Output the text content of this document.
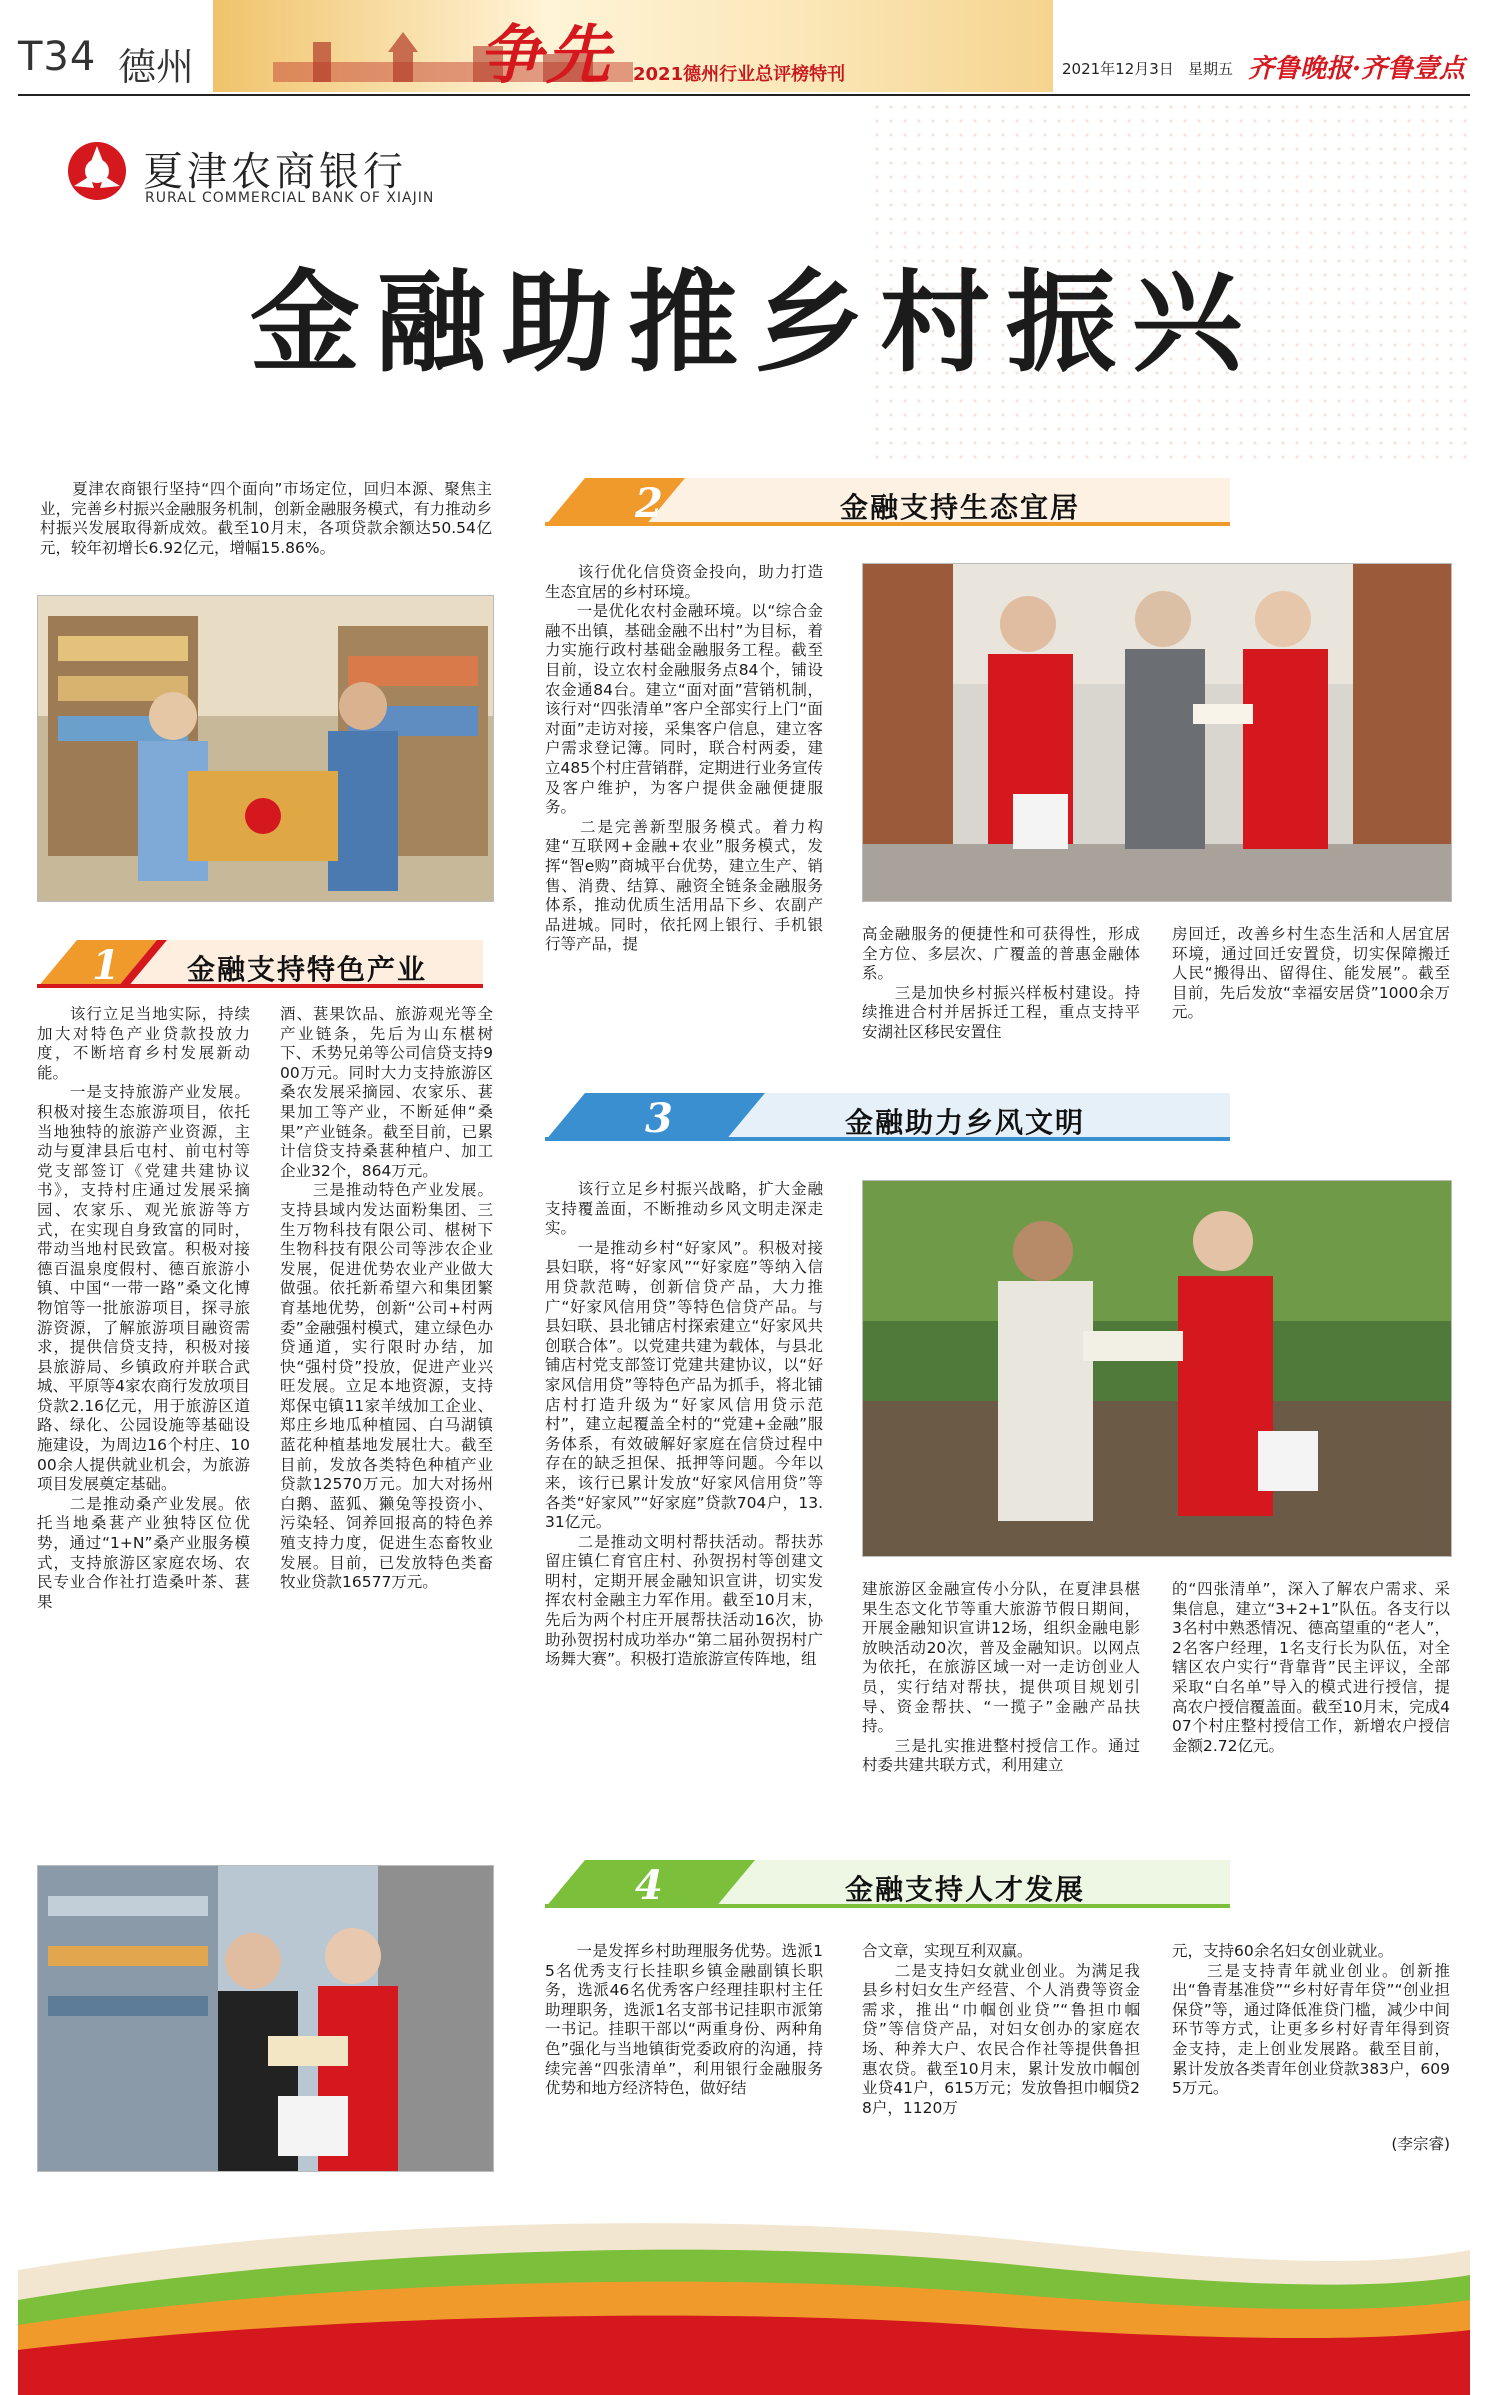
T34 德州	争先 2021德州行业总评榜特刊	2021年12月3日 星期五 齐鲁晚报·齐鲁壹点
夏津农商银行
RURAL COMMERCIAL BANK OF XIAJIN
金融助推乡村振兴
　　夏津农商银行坚持“四个面向”市场定位，回归本源、聚焦主业，完善乡村振兴金融服务机制，创新金融服务模式，有力推动乡村振兴发展取得新成效。截至10月末，各项贷款余额达50.54亿元，较年初增长6.92亿元，增幅15.86%。
1 金融支持特色产业
　　该行立足当地实际，持续加大对特色产业贷款投放力度，不断培育乡村发展新动能。
　　一是支持旅游产业发展。积极对接生态旅游项目，依托当地独特的旅游产业资源，主动与夏津县后屯村、前屯村等党支部签订《党建共建协议书》，支持村庄通过发展采摘园、农家乐、观光旅游等方式，在实现自身致富的同时，带动当地村民致富。积极对接德百温泉度假村、德百旅游小镇、中国“一带一路”桑文化博物馆等一批旅游项目，探寻旅游资源，了解旅游项目融资需求，提供信贷支持，积极对接县旅游局、乡镇政府并联合武城、平原等4家农商行发放项目贷款2.16亿元，用于旅游区道路、绿化、公园设施等基础设施建设，为周边16个村庄、1000余人提供就业机会，为旅游项目发展奠定基础。
　　二是推动桑产业发展。依托当地桑葚产业独特区位优势，通过“1+N”桑产业服务模式，支持旅游区家庭农场、农民专业合作社打造桑叶茶、葚果
酒、葚果饮品、旅游观光等全产业链条，先后为山东椹树下、禾势兄弟等公司信贷支持900万元。同时大力支持旅游区桑农发展采摘园、农家乐、葚果加工等产业，不断延伸“桑果”产业链条。截至目前，已累计信贷支持桑葚种植户、加工企业32个，864万元。
　　三是推动特色产业发展。支持县域内发达面粉集团、三生万物科技有限公司、椹树下生物科技有限公司等涉农企业发展，促进优势农业产业做大做强。依托新希望六和集团繁育基地优势，创新“公司+村两委”金融强村模式，建立绿色办贷通道，实行限时办结，加快“强村贷”投放，促进产业兴旺发展。立足本地资源，支持郑保屯镇11家羊绒加工企业、郑庄乡地瓜种植园、白马湖镇蓝花种植基地发展壮大。截至目前，发放各类特色种植产业贷款12570万元。加大对扬州白鹅、蓝狐、獭兔等投资小、污染轻、饲养回报高的特色养殖支持力度，促进生态畜牧业发展。目前，已发放特色类畜牧业贷款16577万元。
2	金融支持生态宜居
　　该行优化信贷资金投向，助力打造生态宜居的乡村环境。
　　一是优化农村金融环境。以“综合金融不出镇，基础金融不出村”为目标，着力实施行政村基础金融服务工程。截至目前，设立农村金融服务点84个，铺设农金通84台。建立“面对面”营销机制，该行对“四张清单”客户全部实行上门“面对面”走访对接，采集客户信息，建立客户需求登记簿。同时，联合村两委，建立485个村庄营销群，定期进行业务宣传及客户维护，为客户提供金融便捷服务。
　　二是完善新型服务模式。着力构建“互联网+金融+农业”服务模式，发挥“智e购”商城平台优势，建立生产、销售、消费、结算、融资全链条金融服务体系，推动优质生活用品下乡、农副产品进城。同时，依托网上银行、手机银行等产品，提
高金融服务的便捷性和可获得性，形成全方位、多层次、广覆盖的普惠金融体系。
　　三是加快乡村振兴样板村建设。持续推进合村并居拆迁工程，重点支持平安湖社区移民安置住
房回迁，改善乡村生态生活和人居宜居环境，通过回迁安置贷，切实保障搬迁人民“搬得出、留得住、能发展”。截至目前，先后发放“幸福安居贷”1000余万元。
3	金融助力乡风文明
　　该行立足乡村振兴战略，扩大金融支持覆盖面，不断推动乡风文明走深走实。
　　一是推动乡村“好家风”。积极对接县妇联，将“好家风”“好家庭”等纳入信用贷款范畴，创新信贷产品，大力推广“好家风信用贷”等特色信贷产品。与县妇联、县北铺店村探索建立“好家风共创联合体”。以党建共建为载体，与县北铺店村党支部签订党建共建协议，以“好家风信用贷”等特色产品为抓手，将北铺店村打造升级为“好家风信用贷示范村”，建立起覆盖全村的“党建+金融”服务体系，有效破解好家庭在信贷过程中存在的缺乏担保、抵押等问题。今年以来，该行已累计发放“好家风信用贷”等各类“好家风”“好家庭”贷款704户，13.31亿元。
　　二是推动文明村帮扶活动。帮扶苏留庄镇仁育官庄村、孙贺拐村等创建文明村，定期开展金融知识宣讲，切实发挥农村金融主力军作用。截至10月末，先后为两个村庄开展帮扶活动16次，协助孙贺拐村成功举办“第二届孙贺拐村广场舞大赛”。积极打造旅游宣传阵地，组
建旅游区金融宣传小分队，在夏津县椹果生态文化节等重大旅游节假日期间，开展金融知识宣讲12场，组织金融电影放映活动20次，普及金融知识。以网点为依托，在旅游区域一对一走访创业人员，实行结对帮扶，提供项目规划引导、资金帮扶、“一揽子”金融产品扶持。
　　三是扎实推进整村授信工作。通过村委共建共联方式，利用建立
的“四张清单”，深入了解农户需求、采集信息，建立“3+2+1”队伍。各支行以3名村中熟悉情况、德高望重的“老人”，2名客户经理，1名支行长为队伍，对全辖区农户实行“背靠背”民主评议，全部采取“白名单”导入的模式进行授信，提高农户授信覆盖面。截至10月末，完成407个村庄整村授信工作，新增农户授信金额2.72亿元。
4	金融支持人才发展
　　一是发挥乡村助理服务优势。选派15名优秀支行长挂职乡镇金融副镇长职务，选派46名优秀客户经理挂职村主任助理职务，选派1名支部书记挂职市派第一书记。挂职干部以“两重身份、两种角色”强化与当地镇街党委政府的沟通，持续完善“四张清单”，利用银行金融服务优势和地方经济特色，做好结
合文章，实现互利双赢。
　　二是支持妇女就业创业。为满足我县乡村妇女生产经营、个人消费等资金需求，推出“巾帼创业贷”“鲁担巾帼贷”等信贷产品，对妇女创办的家庭农场、种养大户、农民合作社等提供鲁担惠农贷。截至10月末，累计发放巾帼创业贷41户，615万元；发放鲁担巾帼贷28户，1120万
元，支持60余名妇女创业就业。
　　三是支持青年就业创业。创新推出“鲁青基准贷”“乡村好青年贷”“创业担保贷”等，通过降低准贷门槛，减少中间环节等方式，让更多乡村好青年得到资金支持，走上创业发展路。截至目前，累计发放各类青年创业贷款383户，6095万元。
(李宗睿)
